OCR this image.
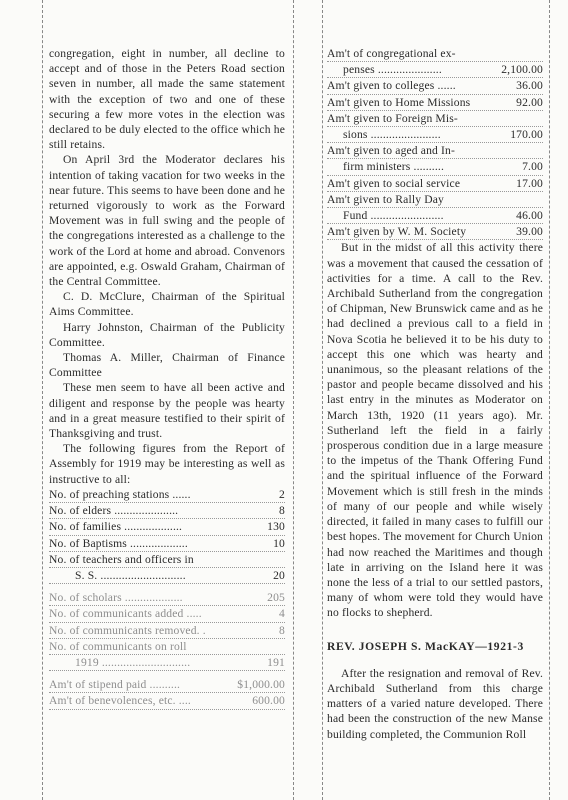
congregation, eight in number, all decline to accept and of those in the Peters Road section seven in number, all made the same statement with the exception of two and one of these securing a few more votes in the election was declared to be duly elected to the office which he still retains.

On April 3rd the Moderator declares his intention of taking vacation for two weeks in the near future. This seems to have been done and he returned vigorously to work as the Forward Movement was in full swing and the people of the congregations interested as a challenge to the work of the Lord at home and abroad. Convenors are appointed, e.g. Oswald Graham, Chairman of the Central Committee.

C. D. McClure, Chairman of the Spiritual Aims Committee.

Harry Johnston, Chairman of the Publicity Committee.

Thomas A. Miller, Chairman of Finance Committee

These men seem to have all been active and diligent and response by the people was hearty and in a great measure testified to their spirit of Thanksgiving and trust.

The following figures from the Report of Assembly for 1919 may be interesting as well as instructive to all:

No. of preaching stations ......	2
No. of elders .....................	8
No. of families ...................	130
No. of Baptisms ...................	10
No. of teachers and officers in
S. S. ............................	20
No. of scholars ...................	205
No. of communicants added .....	4
No. of communicants removed. .	8
No. of communicants on roll
1919 .............................	191
Am't of stipend paid ..........	$1,000.00
Am't of benevolences, etc. ....	600.00
Am't of congregational ex-
penses .....................	2,100.00
Am't given to colleges ......	36.00
Am't given to Home Missions	92.00
Am't given to Foreign Mis-
sions .......................	170.00
Am't given to aged and In-
firm ministers ..........	7.00
Am't given to social service	17.00
Am't given to Rally Day
Fund ........................	46.00
Am't given by W. M. Society	39.00

But in the midst of all this activity there was a movement that caused the cessation of activities for a time. A call to the Rev. Archibald Sutherland from the congregation of Chipman, New Brunswick came and as he had declined a previous call to a field in Nova Scotia he believed it to be his duty to accept this one which was hearty and unanimous, so the pleasant relations of the pastor and people became dissolved and his last entry in the minutes as Moderator on March 13th, 1920 (11 years ago). Mr. Sutherland left the field in a fairly prosperous condition due in a large measure to the impetus of the Thank Offering Fund and the spiritual influence of the Forward Movement which is still fresh in the minds of many of our people and while wisely directed, it failed in many cases to fulfill our best hopes. The movement for Church Union had now reached the Maritimes and though late in arriving on the Island here it was none the less of a trial to our settled pastors, many of whom were told they would have no flocks to shepherd.

REV. JOSEPH S. MacKAY—1921-3

After the resignation and removal of Rev. Archibald Sutherland from this charge matters of a varied nature developed. There had been the construction of the new Manse building completed, the Communion Roll
